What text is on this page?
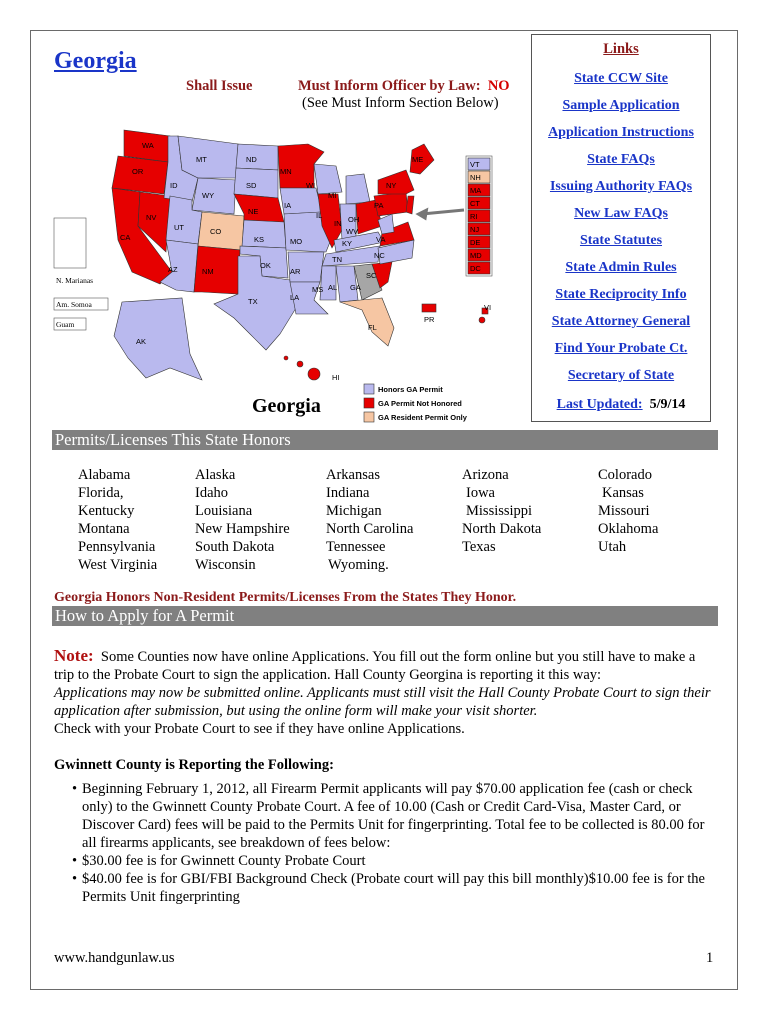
Georgia
Shall Issue	Must Inform Officer by Law: NO
(See Must Inform Section Below)
Links
State CCW Site
Sample Application
Application Instructions
State FAQs
Issuing Authority FAQs
New Law FAQs
State Statutes
State Admin Rules
State Reciprocity Info
State Attorney General
Find Your Probate Ct.
Secretary of State
Last Updated: 5/9/14
WA
OR
CA
NV
ID
MT
WY
UT
AZ
CO
NM
ND
SD
NE
KS
OK
TX
MN
IA
MO
AR
LA
WI
IL
MI
IN OH
KY
TN
MS AL GA
FL
SC
NC
VA
WV
PA
NY
ME
AK
HI
PR
VI
VT
NH
MA
CT
RI
NJ
DE
MD
DC
N. Marianas
Am. Somoa
Guam
Honors GA Permit
GA Permit Not Honored
GA Resident Permit Only
Georgia
Permits/Licenses This State Honors
Alabama
Florida,
Kentucky
Montana
Pennsylvania
West Virginia
Alaska
Idaho
Louisiana
New Hampshire
South Dakota
Wisconsin
Arkansas
Indiana
Michigan
North Carolina
Tennessee
Wyoming.
Arizona
Iowa
Mississippi
North Dakota
Texas
Colorado
Kansas
Missouri
Oklahoma
Utah
Georgia Honors Non-Resident Permits/Licenses From the States They Honor.
How to Apply for A Permit
Note: Some Counties now have online Applications. You fill out the form online but you still have to make a trip to the Probate Court to sign the application. Hall County Georgina is reporting it this way:
Applications may now be submitted online. Applicants must still visit the Hall County Probate Court to sign their application after submission, but using the online form will make your visit shorter.
Check with your Probate Court to see if they have online Applications.
Gwinnett County is Reporting the Following:
• Beginning February 1, 2012, all Firearm Permit applicants will pay $70.00 application fee (cash or check only) to the Gwinnett County Probate Court. A fee of 10.00 (Cash or Credit Card-Visa, Master Card, or Discover Card) fees will be paid to the Permits Unit for fingerprinting. Total fee to be collected is 80.00 for all firearms applicants, see breakdown of fees below:
• $30.00 fee is for Gwinnett County Probate Court
• $40.00 fee is for GBI/FBI Background Check (Probate court will pay this bill monthly)$10.00 fee is for the Permits Unit fingerprinting
www.handgunlaw.us	1
